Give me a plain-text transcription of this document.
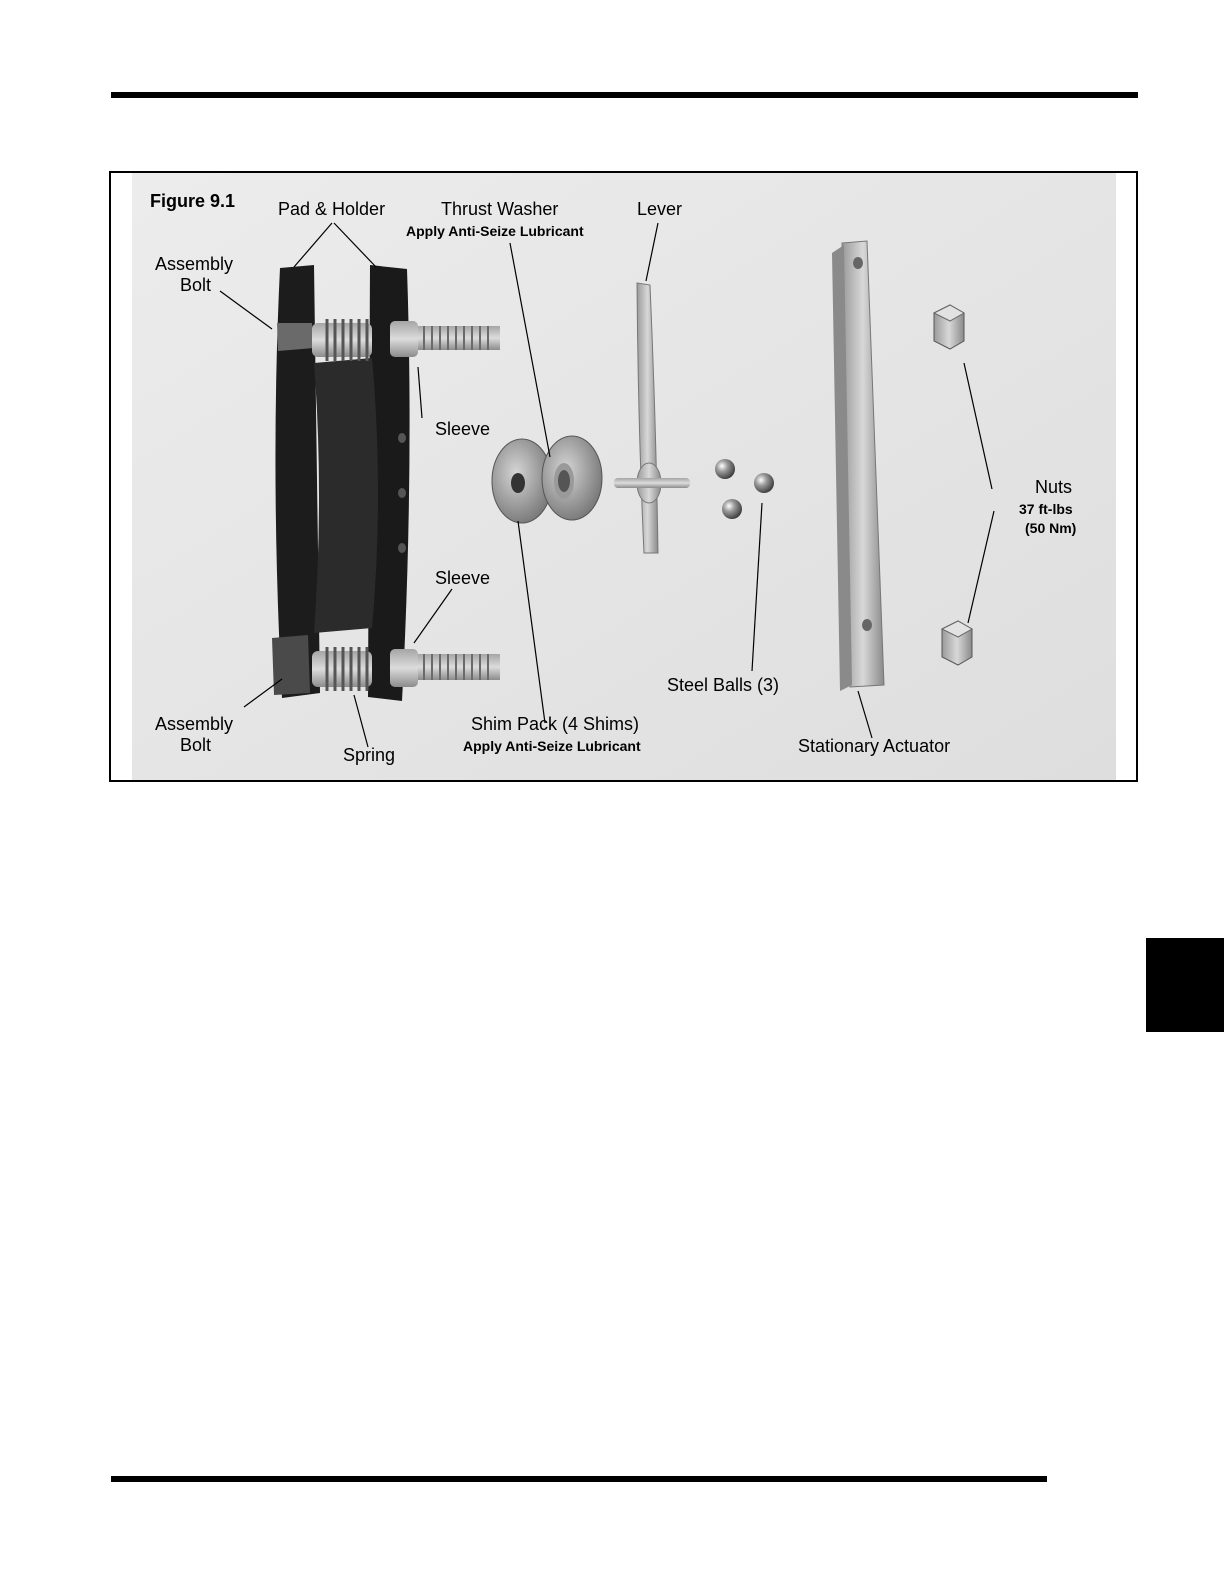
Figure 9.1 Pad & Holder	Thrust Washer
Apply Anti-Seize Lubricant
Lever
Assembly
Bolt
Sleeve
Sleeve
Nuts
37 ft-lbs
(50 Nm)
Steel Balls (3)
Assembly
Bolt	Spring
Shim Pack (4 Shims)
Apply Anti-Seize Lubricant	Stationary Actuator
